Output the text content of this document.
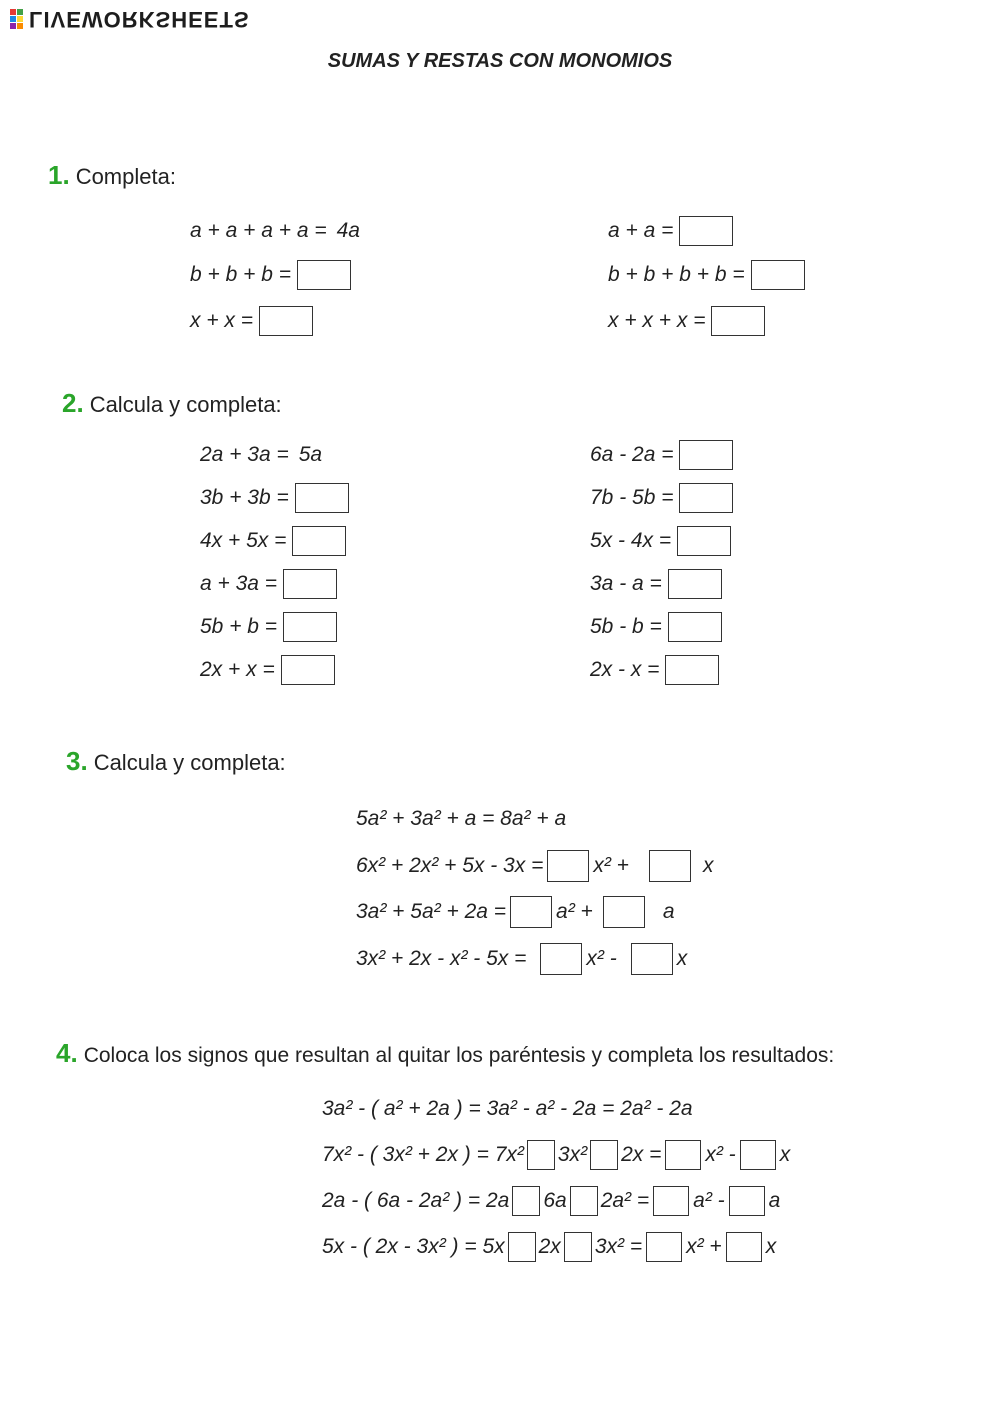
LIVEWORKSHEETS
SUMAS Y RESTAS CON MONOMIOS
1. Completa:
a + a + a + a = 4a
b + b + b =
x + x =
a + a =
b + b + b + b =
x + x + x =
2. Calcula y completa:
2a + 3a = 5a
3b + 3b =
4x + 5x =
a + 3a =
5b + b =
2x + x =
6a - 2a =
7b - 5b =
5x - 4x =
3a - a =
5b - b =
2x - x =
3. Calcula y completa:
5a² + 3a² + a = 8a² + a
6x² + 2x² + 5x - 3x = x² +	x
3a² + 5a² + 2a = a² +	a
3x² + 2x - x² - 5x =	x² -	x
4. Coloca los signos que resultan al quitar los paréntesis y completa los resultados:
3a² - ( a² + 2a ) = 3a² - a² - 2a = 2a² - 2a
7x² - ( 3x² + 2x ) = 7x² 3x² 2x = x² - x
2a - ( 6a - 2a² ) = 2a 6a 2a² = a² - a
5x - ( 2x - 3x² ) = 5x 2x 3x² = x² + x
